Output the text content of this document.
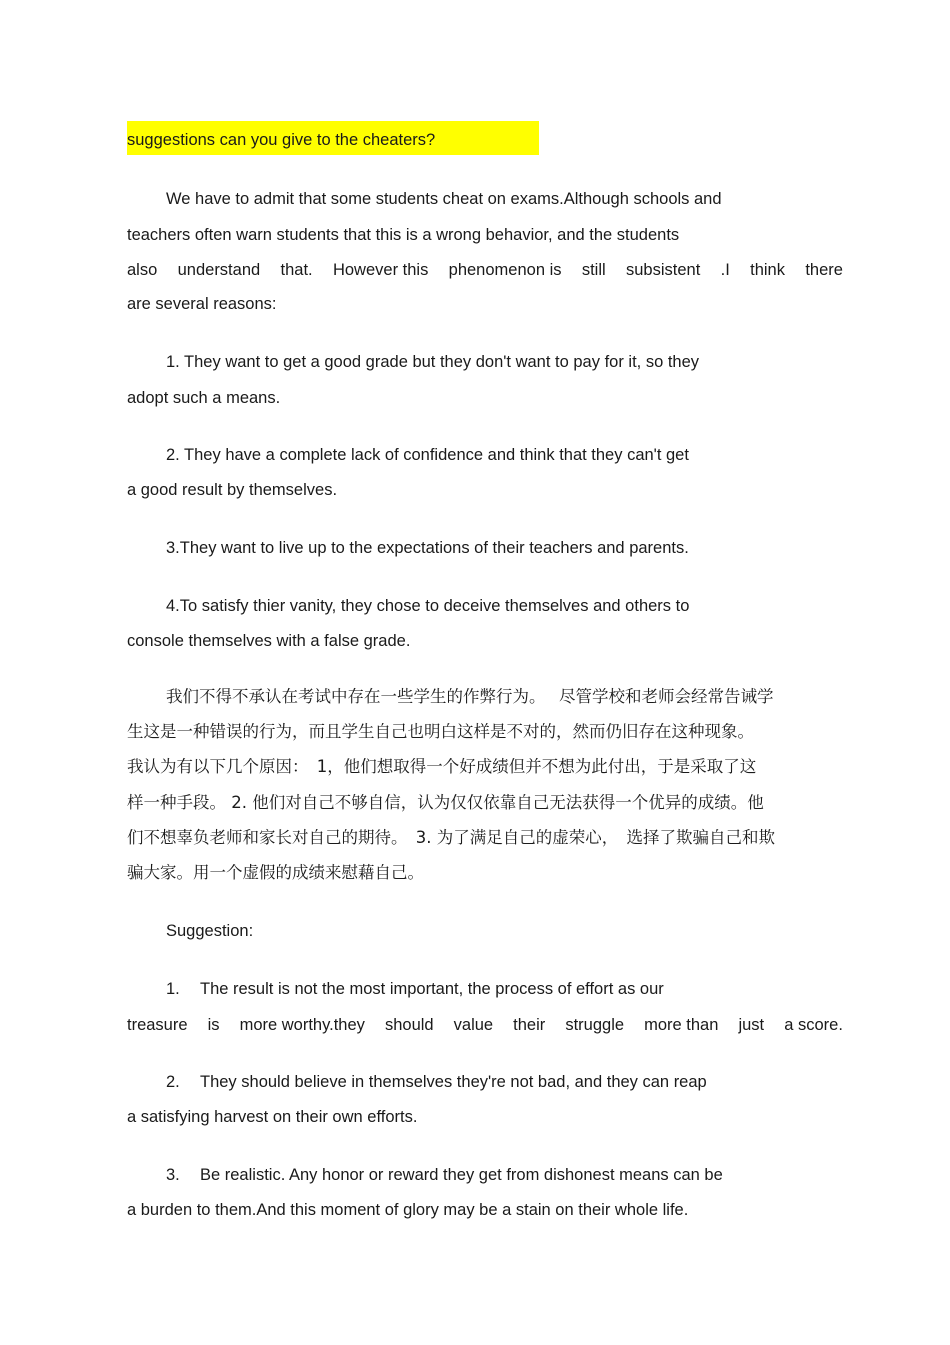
suggestions can you give to the cheaters?
We have to admit that some students cheat on exams.Although schools and
teachers often warn students that this is a wrong behavior, and the students
also understand that. However this phenomenon is still subsistent .I think there
are several reasons:
1. They want to get a good grade but they don't want to pay for it, so they
adopt such a means.
2. They have a complete lack of confidence and think that they can't get
a good result by themselves.
3.They want to live up to the expectations of their teachers and parents.
4.To satisfy thier vanity, they chose to deceive themselves and others to
console themselves with a false grade.
我们不得不承认在考试中存在一些学生的作弊行为。　 尽管学校和老师会经常告诫学
生这是一种错误的行为，而且学生自己也明白这样是不对的，然而仍旧存在这种现象。
我认为有以下几个原因：　1，他们想取得一个好成绩但并不想为此付出，于是采取了这
样一种手段。 2. 他们对自己不够自信，认为仅仅依靠自己无法获得一个优异的成绩。他
们不想辜负老师和家长对自己的期待。　3. 为了满足自己的虚荣心，　选择了欺骗自己和欺
骗大家。用一个虚假的成绩来慰藉自己。
Suggestion:
1. The result is not the most important, the process of effort as our
treasure is more worthy.they should value their struggle more than just a score.
2. They should believe in themselves they're not bad, and they can reap
a satisfying harvest on their own efforts.
3. Be realistic. Any honor or reward they get from dishonest means can be
a burden to them.And this moment of glory may be a stain on their whole life.
